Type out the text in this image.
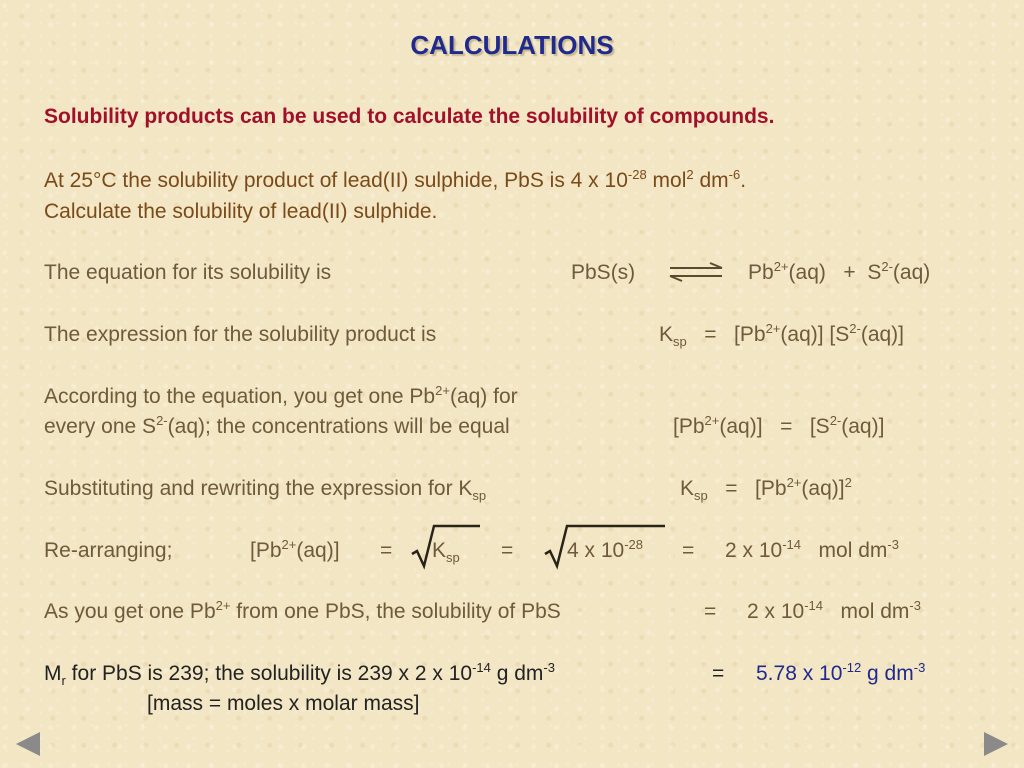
CALCULATIONS
Solubility products can be used to calculate the solubility of compounds.
At 25°C the solubility product of lead(II) sulphide, PbS is 4 x $10^{-28}$ mol$^2$ $dm^{-6}$.
Calculate the solubility of lead(II) sulphide.
The equation for its solubility is	PbS(s) ⇌ $Pb^{2+}(aq) + S^{2-}(aq)$
The expression for the solubility product is	$K_{sp} = [Pb^{2+}(aq)]$ $[S^{2-}(aq)]$
According to the equation, you get one $Pb^{2+}(aq)$ for
every one $S^{2-}(aq)$; the concentrations will be equal	$[Pb^{2+}(aq)] = [S^{2-}(aq)]$
Substituting and rewriting the expression for $K_{sp}$	$K_{sp} = [Pb^{2+}(aq)]^2$
Re-arranging;	$[Pb^{2+}(aq)] = K_{sp}$ =	4 x $10^{-28} = 2$ x $10^{-14}$ mol $dm^{-3}$
As you get one $Pb^{2+}$ from one PbS, the solubility of PbS	= 2 x $10^{-14}$ mol $dm^{-3}$
$M_r$ for PbS is 239; the solubility is 239 x 2 x $10^{-14}$ g $dm^{-3}$	= 5.78 x $10^{-12}$ g $dm^{-3}$
[mass = moles x molar mass]
